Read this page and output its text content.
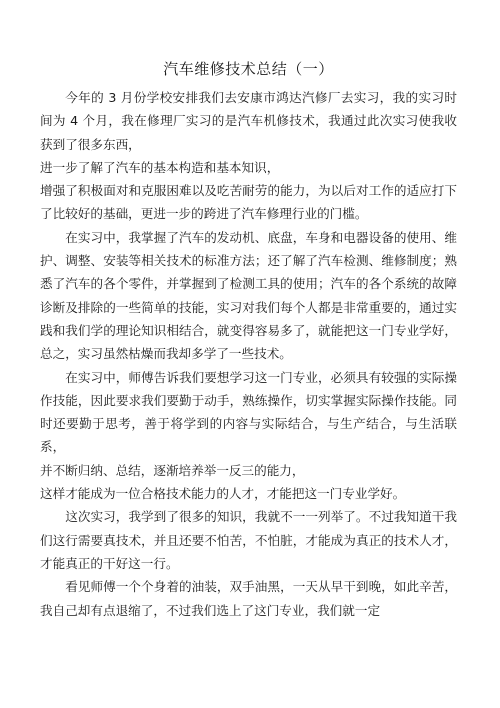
汽车维修技术总结（一）

今年的 3 月份学校安排我们去安康市鸿达汽修厂去实习，我的实习时间为 4 个月，我在修理厂实习的是汽车机修技术，我通过此次实习使我收获到了很多东西，

进一步了解了汽车的基本构造和基本知识，

增强了积极面对和克服困难以及吃苦耐劳的能力，为以后对工作的适应打下了比较好的基础，更进一步的跨进了汽车修理行业的门槛。

在实习中，我掌握了汽车的发动机、底盘，车身和电器设备的使用、维护、调整、安装等相关技术的标准方法；还了解了汽车检测、维修制度；熟悉了汽车的各个零件，并掌握到了检测工具的使用；汽车的各个系统的故障诊断及排除的一些简单的技能，实习对我们每个人都是非常重要的，通过实践和我们学的理论知识相结合，就变得容易多了，就能把这一门专业学好，总之，实习虽然枯燥而我却多学了一些技术。

在实习中，师傅告诉我们要想学习这一门专业，必须具有较强的实际操作技能，因此要求我们要勤于动手，熟练操作，切实掌握实际操作技能。同时还要勤于思考，善于将学到的内容与实际结合，与生产结合，与生活联系，

并不断归纳、总结，逐渐培养举一反三的能力，

这样才能成为一位合格技术能力的人才，才能把这一门专业学好。

这次实习，我学到了很多的知识，我就不一一列举了。不过我知道干我们这行需要真技术，并且还要不怕苦，不怕脏，才能成为真正的技术人才，才能真正的干好这一行。

看见师傅一个个身着的油装，双手油黑，一天从早干到晚，如此辛苦，我自己却有点退缩了，不过我们选上了这门专业，我们就一定
